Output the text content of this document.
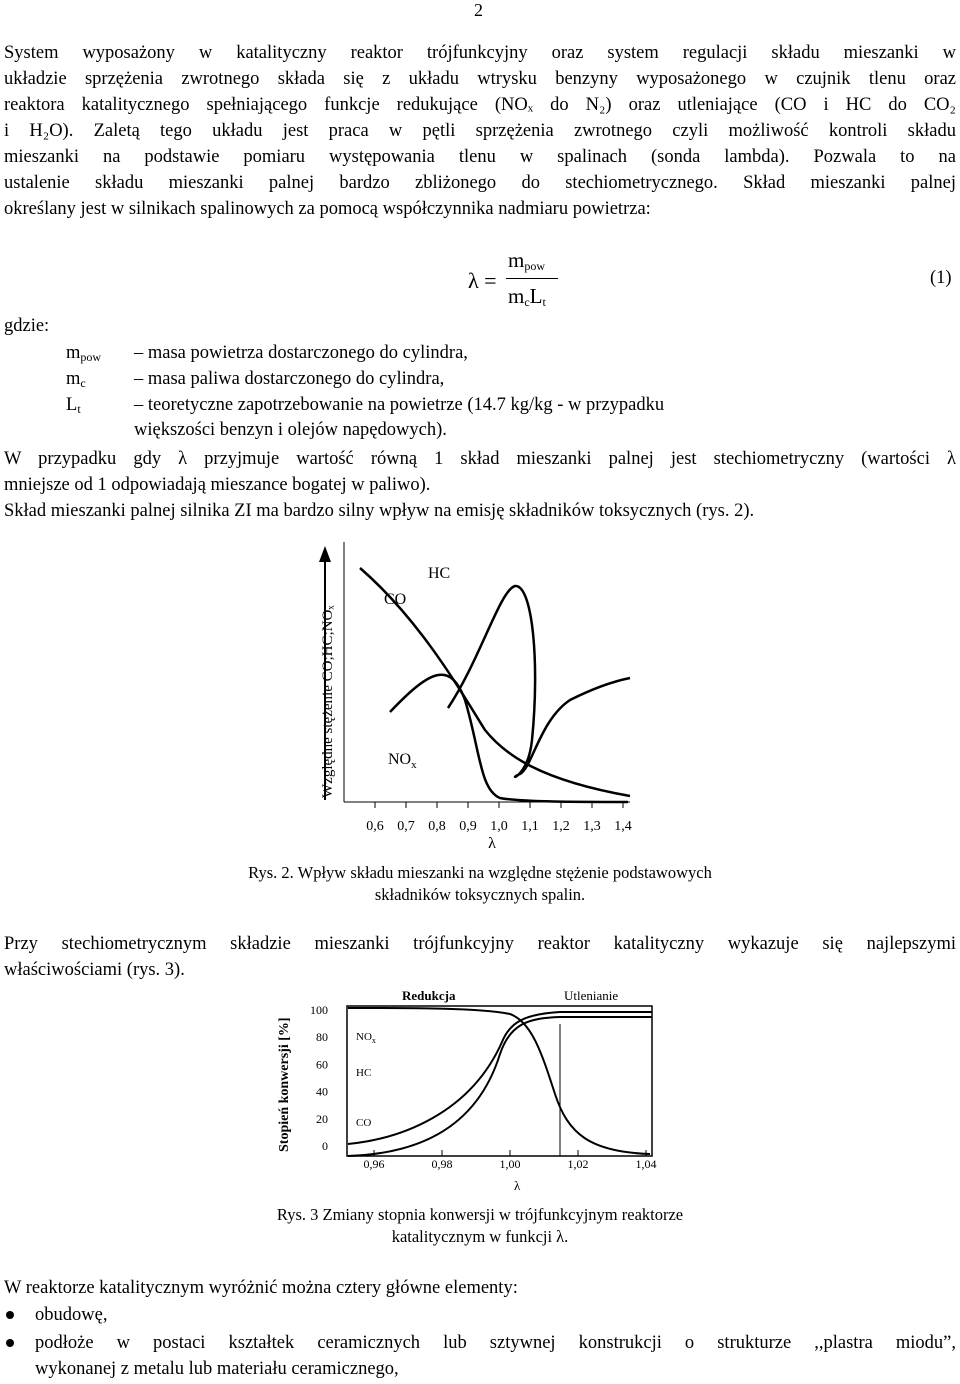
2
System wyposażony w katalityczny reaktor trójfunkcyjny oraz system regulacji składu mieszanki w
układzie sprzężenia zwrotnego składa się z układu wtrysku benzyny wyposażonego w czujnik tlenu oraz
reaktora katalitycznego spełniającego funkcje redukujące (NOₓ do N₂) oraz utleniające (CO i HC do CO₂
i H₂O). Zaletą tego układu jest praca w pętli sprzężenia zwrotnego czyli możliwość kontroli składu
mieszanki na podstawie pomiaru występowania tlenu w spalinach (sonda lambda). Pozwala to na
ustalenie składu mieszanki palnej bardzo zbliżonego do stechiometrycznego. Skład mieszanki palnej
określany jest w silnikach spalinowych za pomocą współczynnika nadmiaru powietrza:
λ =
$m_{pow}$
$m_cL_t$
(1)
gdzie:
$m_{pow}$ – masa powietrza dostarczonego do cylindra,
$m_c$	– masa paliwa dostarczonego do cylindra,
$L_t$	– teoretyczne zapotrzebowanie na powietrze (14.7 kg/kg - w przypadku
większości benzyn i olejów napędowych).
W przypadku gdy λ przyjmuje wartość równą 1 skład mieszanki palnej jest stechiometryczny (wartości λ
mniejsze od 1 odpowiadają mieszance bogatej w paliwo).
Skład mieszanki palnej silnika ZI ma bardzo silny wpływ na emisję składników toksycznych (rys. 2).
Względne stężenie CO;HC;NOₓ
0,6 0,7 0,8 0,9 1,0 1,1 1,2 1,3 1,4
CO
HC
$NO_x$
λ
Rys. 2. Wpływ składu mieszanki na względne stężenie podstawowych
składników toksycznych spalin.
Przy stechiometrycznym składzie mieszanki trójfunkcyjny reaktor katalityczny wykazuje się najlepszymi
właściwościami (rys. 3).
Stopień konwersji [%]
Redukcja	Utlenianie
100
80
60
40
20
0
0,96	0,98	1,00	1,02	1,04
$NO_x$
HC
CO
λ
Rys. 3 Zmiany stopnia konwersji w trójfunkcyjnym reaktorze
katalitycznym w funkcji λ.
W reaktorze katalitycznym wyróżnić można cztery główne elementy:
obudowę,
podłoże w postaci kształtek ceramicznych lub sztywnej konstrukcji o strukturze ,,plastra miodu”,
wykonanej z metalu lub materiału ceramicznego,
